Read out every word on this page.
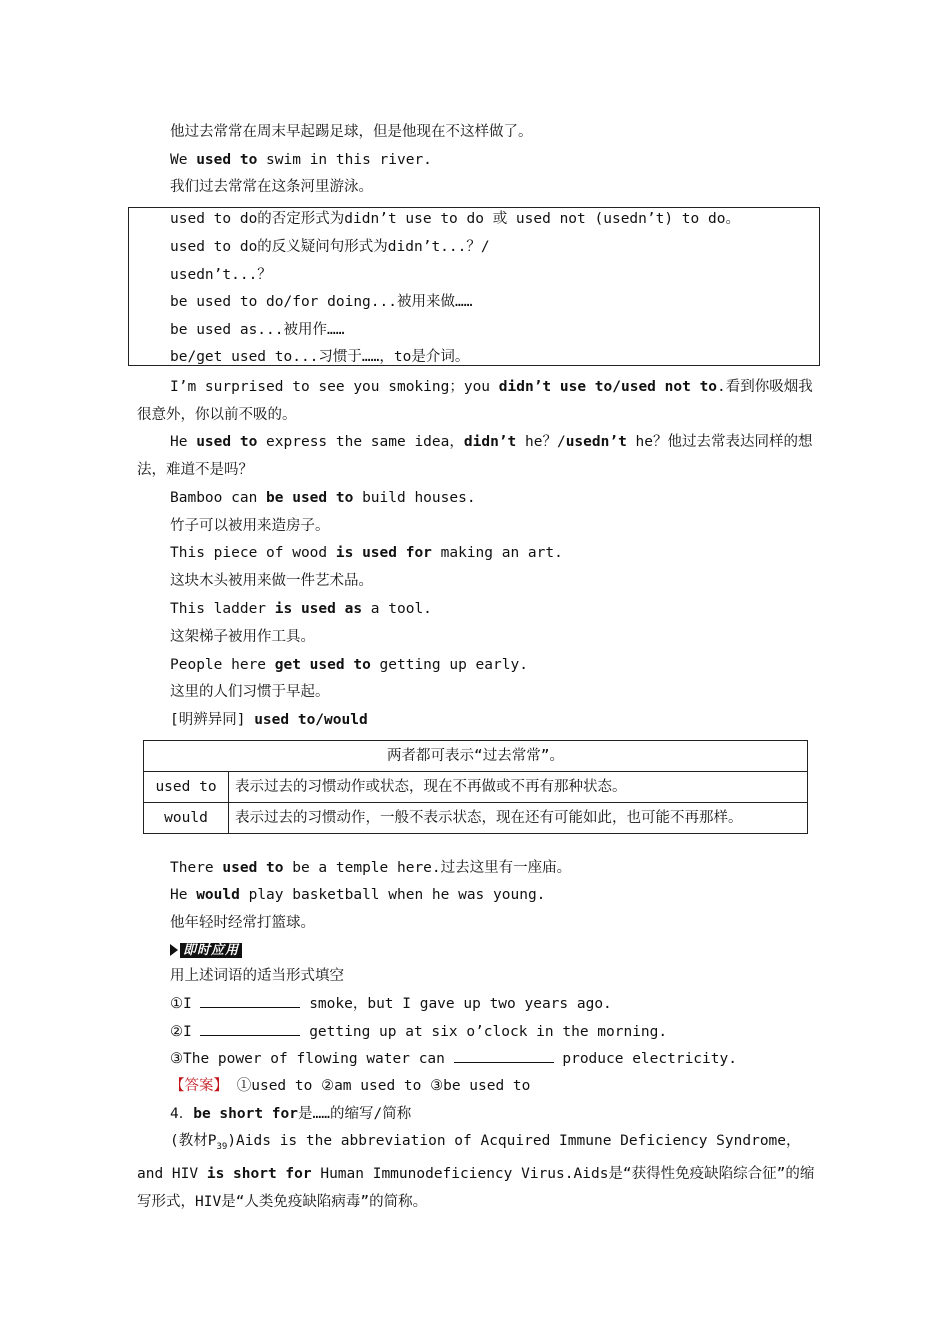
他过去常常在周末早起踢足球，但是他现在不这样做了。
We used to swim in this river.
我们过去常常在这条河里游泳。
used to do的否定形式为didn’t use to do 或 used not (usedn’t) to do。
used to do的反义疑问句形式为didn’t...？/
usedn’t...？
be used to do/for doing...被用来做……
be used as...被用作……
be/get used to...习惯于……，to是介词。
I’m surprised to see you smoking；you didn’t use to/used not to.看到你吸烟我很意外，你以前不吸的。
He used to express the same idea，didn’t he？/usedn’t he？他过去常表达同样的想法，难道不是吗？
Bamboo can be used to build houses.
竹子可以被用来造房子。
This piece of wood is used for making an art.
这块木头被用来做一件艺术品。
This ladder is used as a tool.
这架梯子被用作工具。
People here get used to getting up early.
这里的人们习惯于早起。
[明辨异同] used to/would
两者都可表示“过去常常”。	
used to	表示过去的习惯动作或状态，现在不再做或不再有那种状态。
would	表示过去的习惯动作，一般不表示状态，现在还有可能如此，也可能不再那样。
There used to be a temple here.过去这里有一座庙。
He would play basketball when he was young.
他年轻时经常打篮球。
即时应用
用上述词语的适当形式填空
①I	smoke，but I gave up two years ago.
②I	getting up at six o’clock in the morning.
③The power of flowing water can	produce electricity.
【答案】 ①used to ②am used to ③be used to
4．be short for是……的缩写/简称
(教材$P_{39})Aids$ is the abbreviation of Acquired Immune Deficiency Syndrome，and HIV is short for Human Immunodeficiency Virus.Aids是“获得性免疫缺陷综合征”的缩写形式，HIV是“人类免疫缺陷病毒”的简称。
